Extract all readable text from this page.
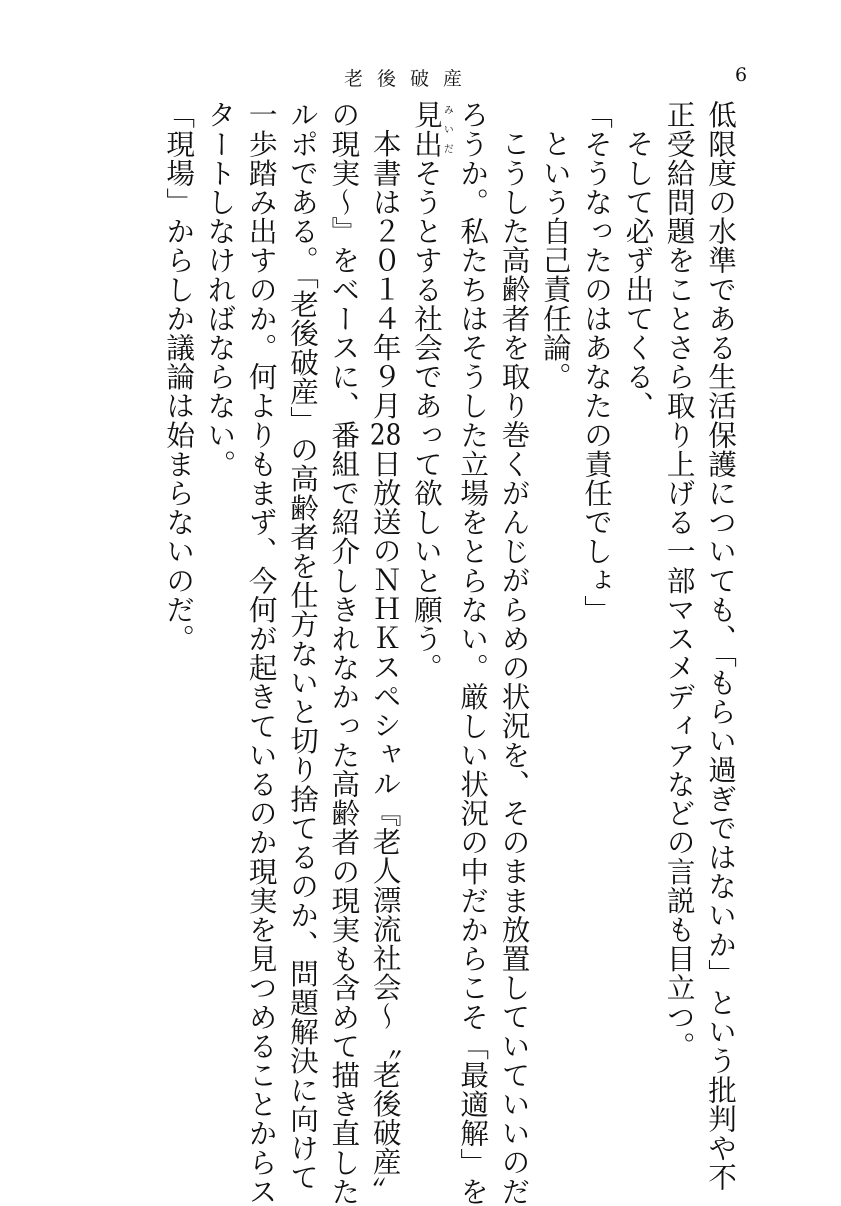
老後破産	6
低限度の水準である生活保護についても、「もらい過ぎではないか」という批判や不
正受給問題をことさら取り上げる一部マスメディアなどの言説も目立つ。
そして必ず出てくる、
「そうなったのはあなたの責任でしょ」
という自己責任論。
こうした高齢者を取り巻くがんじがらめの状況を、そのまま放置していていいのだ
ろうか。私たちはそうした立場をとらない。厳しい状況の中だからこそ「最適解」を
見出みいだそうとする社会であって欲しいと願う。
本書は２０１４年９月28日放送のＮＨＫスペシャル『老人漂流社会～〝老後破産〟
の現実～』をベースに、番組で紹介しきれなかった高齢者の現実も含めて描き直した
ルポである。「老後破産」の高齢者を仕方ないと切り捨てるのか、問題解決に向けて
一歩踏み出すのか。何よりもまず、今何が起きているのか現実を見つめることからス
タートしなければならない。
「現場」からしか議論は始まらないのだ。
